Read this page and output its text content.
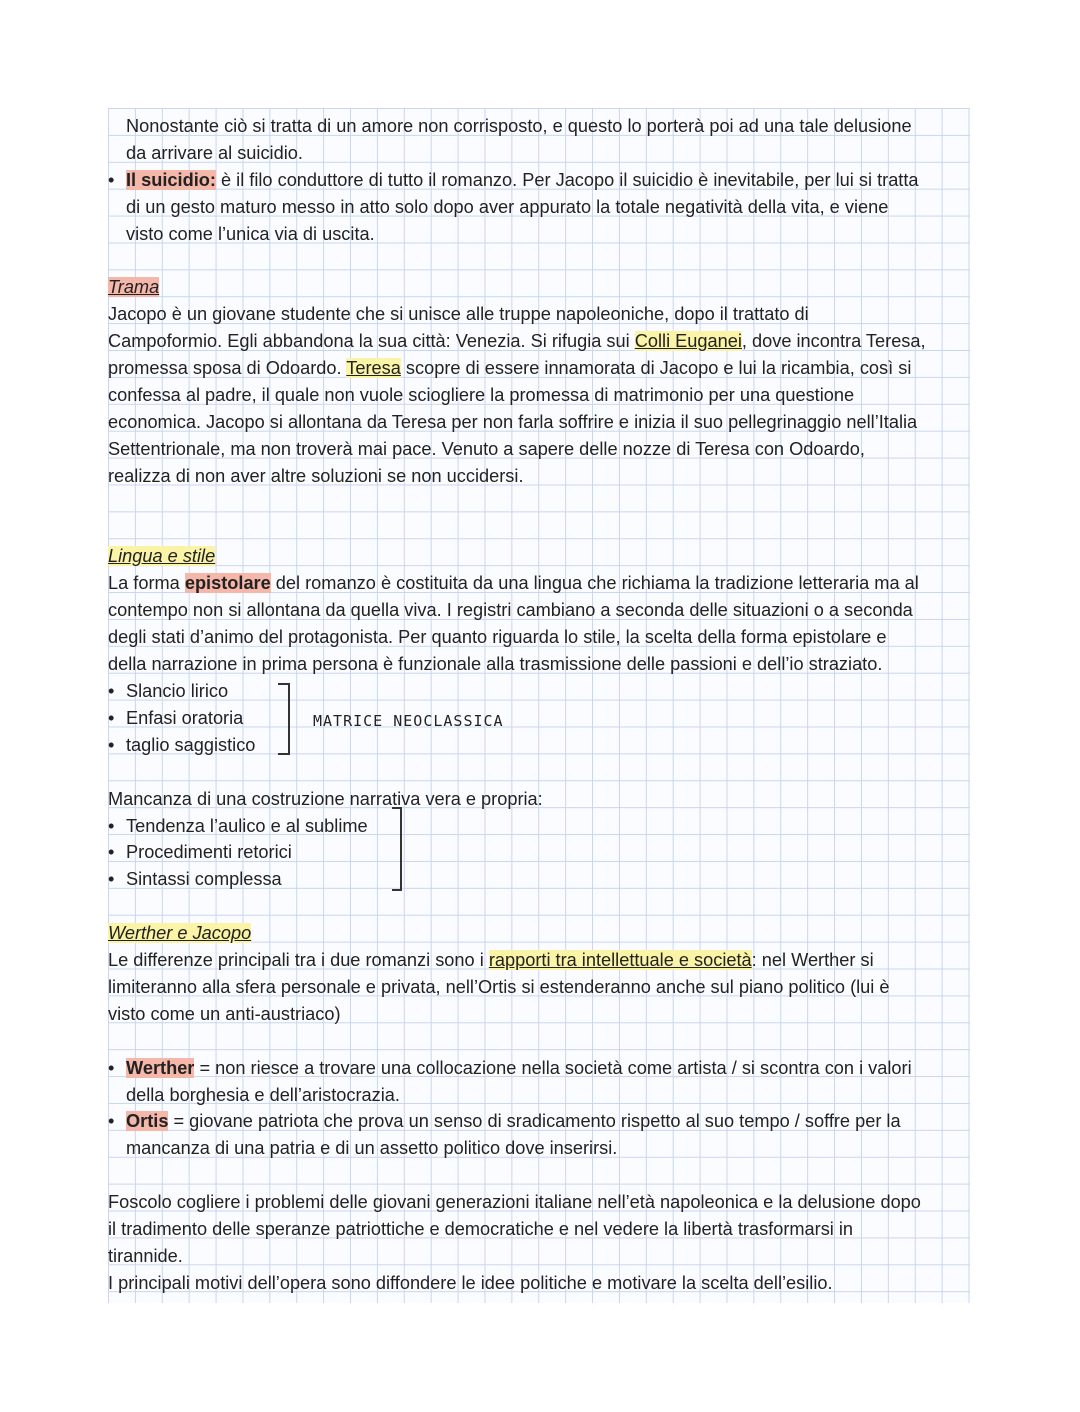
Nonostante ciò si tratta di un amore non corrisposto, e questo lo porterà poi ad una tale delusione

da arrivare al suicidio.

• Il suicidio: è il filo conduttore di tutto il romanzo. Per Jacopo il suicidio è inevitabile, per lui si tratta

di un gesto maturo messo in atto solo dopo aver appurato la totale negatività della vita, e viene

visto come l’unica via di uscita.

Trama

Jacopo è un giovane studente che si unisce alle truppe napoleoniche, dopo il trattato di

Campoformio. Egli abbandona la sua città: Venezia. Si rifugia sui Colli Euganei, dove incontra Teresa,

promessa sposa di Odoardo. Teresa scopre di essere innamorata di Jacopo e lui la ricambia, così si

confessa al padre, il quale non vuole sciogliere la promessa di matrimonio per una questione

economica. Jacopo si allontana da Teresa per non farla soffrire e inizia il suo pellegrinaggio nell’Italia

Settentrionale, ma non troverà mai pace. Venuto a sapere delle nozze di Teresa con Odoardo,

realizza di non aver altre soluzioni se non uccidersi.

Lingua e stile

La forma epistolare del romanzo è costituita da una lingua che richiama la tradizione letteraria ma al

contempo non si allontana da quella viva. I registri cambiano a seconda delle situazioni o a seconda

degli stati d’animo del protagonista. Per quanto riguarda lo stile, la scelta della forma epistolare e

della narrazione in prima persona è funzionale alla trasmissione delle passioni e dell’io straziato.

• Slancio lirico

• Enfasi oratoria

• taglio saggistico

MATRICE NEOCLASSICA

Mancanza di una costruzione narrativa vera e propria:

• Tendenza l’aulico e al sublime

• Procedimenti retorici

• Sintassi complessa

Werther e Jacopo

Le differenze principali tra i due romanzi sono i rapporti tra intellettuale e società: nel Werther si

limiteranno alla sfera personale e privata, nell’Ortis si estenderanno anche sul piano politico (lui è

visto come un anti-austriaco)

• Werther = non riesce a trovare una collocazione nella società come artista / si scontra con i valori

della borghesia e dell’aristocrazia.

• Ortis = giovane patriota che prova un senso di sradicamento rispetto al suo tempo / soffre per la

mancanza di una patria e di un assetto politico dove inserirsi.

Foscolo cogliere i problemi delle giovani generazioni italiane nell’età napoleonica e la delusione dopo

il tradimento delle speranze patriottiche e democratiche e nel vedere la libertà trasformarsi in

tirannide.

I principali motivi dell’opera sono diffondere le idee politiche e motivare la scelta dell’esilio.
